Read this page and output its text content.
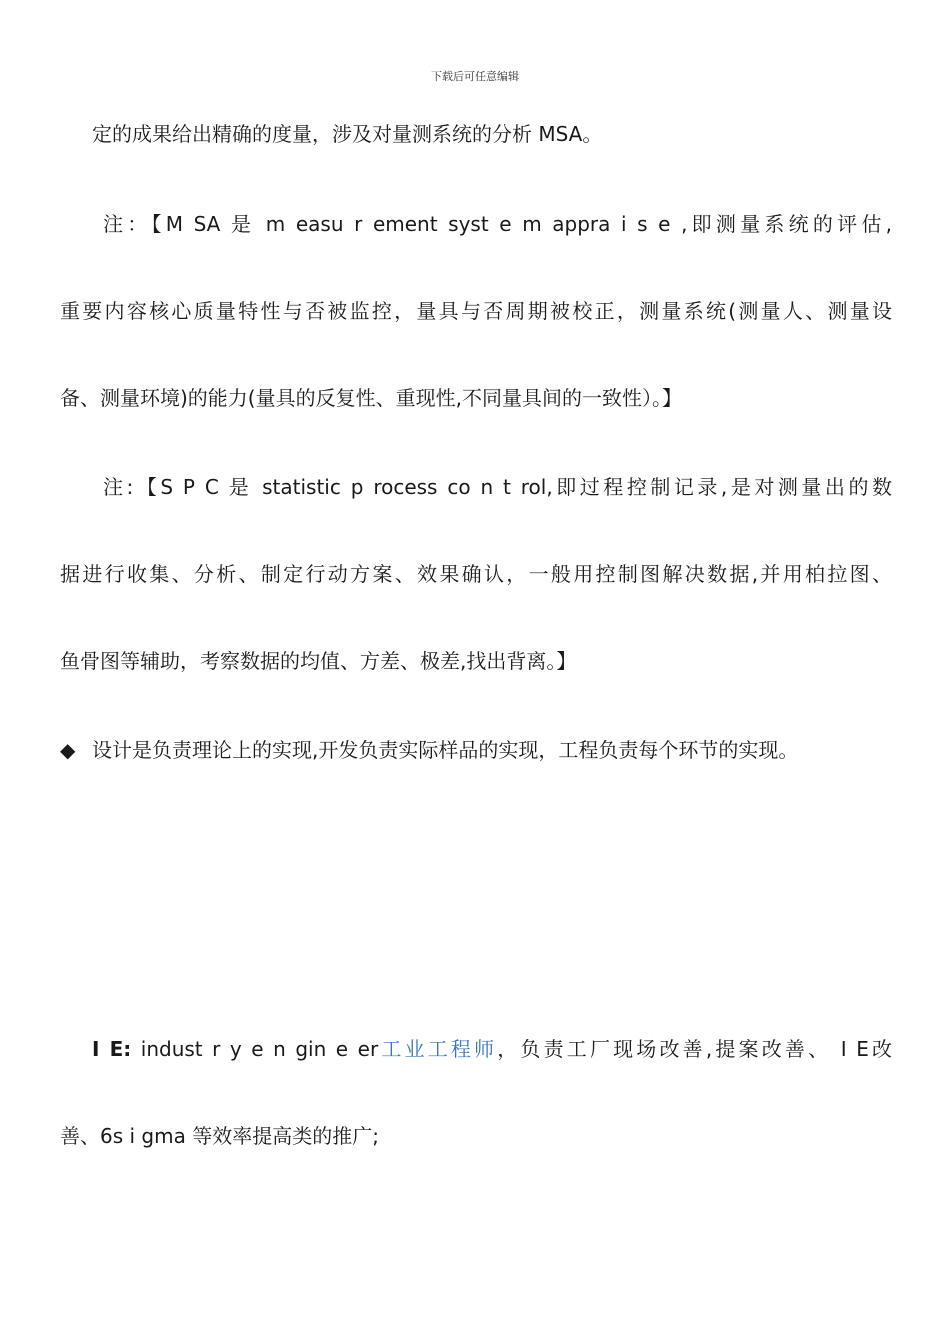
下载后可任意编辑
定的成果给出精确的度量，涉及对量测系统的分析 MSA。
注：【M SA 是 m easu r ement syst e m appra i s e ,即测量系统的评估,
重要内容核心质量特性与否被监控，量具与否周期被校正，测量系统(测量人、测量设
备、测量环境)的能力(量具的反复性、重现性,不同量具间的一致性）。】
注:【S P C 是 statistic p rocess co n t rol,即过程控制记录,是对测量出的数
据进行收集、分析、制定行动方案、效果确认，一般用控制图解决数据,并用柏拉图、
鱼骨图等辅助，考察数据的均值、方差、极差,找出背离。】
◆ 设计是负责理论上的实现,开发负责实际样品的实现，工程负责每个环节的实现。
I E: indust r y e n gin e er工业工程师，负责工厂现场改善,提案改善、 I E改
善、6s i gma 等效率提高类的推广;
